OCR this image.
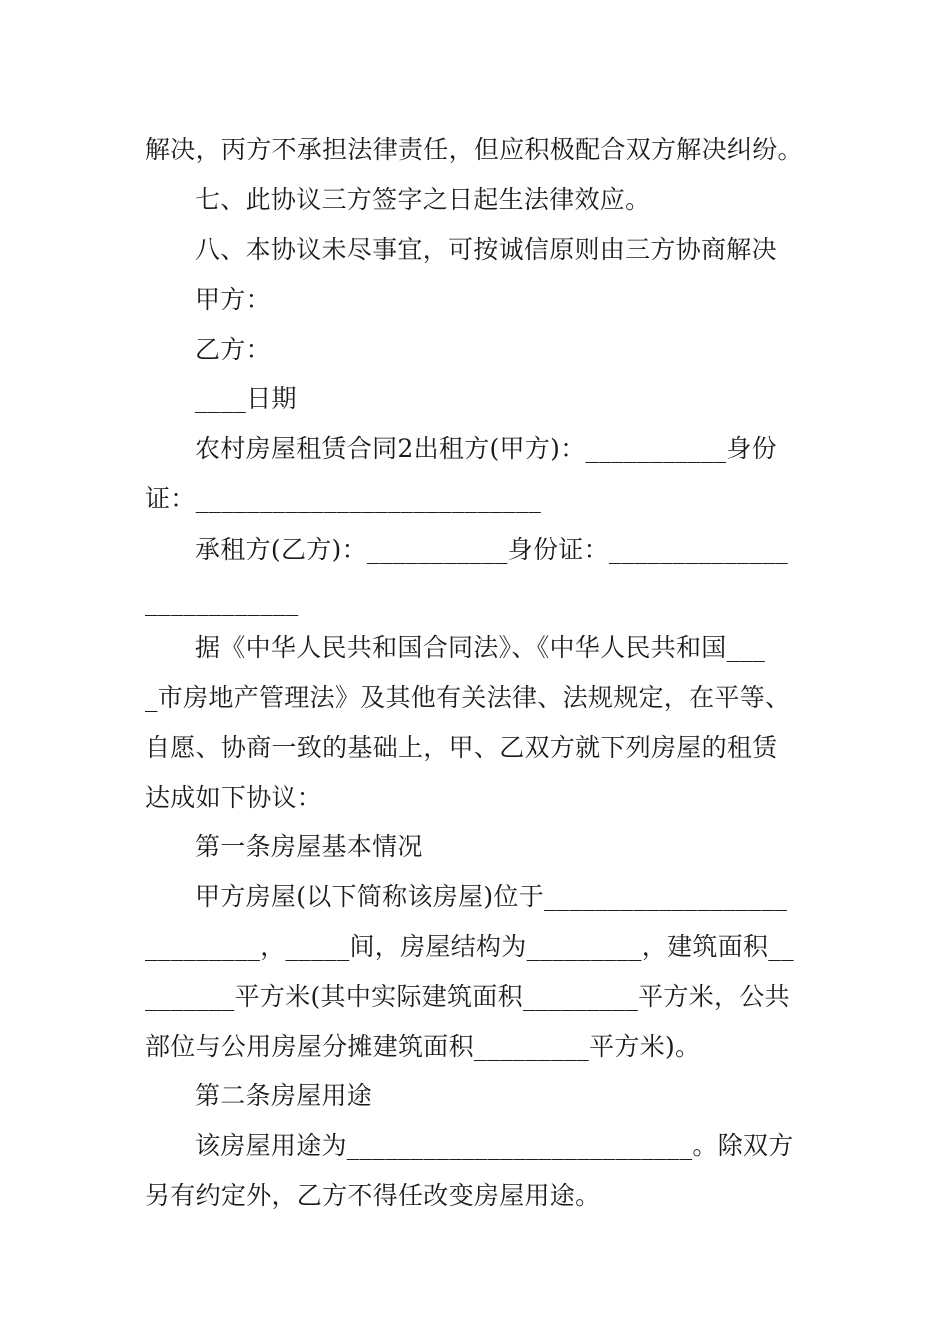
解决，丙方不承担法律责任，但应积极配合双方解决纠纷。
七、此协议三方签字之日起生法律效应。
八、本协议未尽事宜，可按诚信原则由三方协商解决
甲方：
乙方：
____日期
农村房屋租赁合同2出租方(甲方)：___________身份
证：___________________________
承租方(乙方)：___________身份证：______________
____________
据《中华人民共和国合同法》、《中华人民共和国___
_市房地产管理法》及其他有关法律、法规规定，在平等、
自愿、协商一致的基础上，甲、乙双方就下列房屋的租赁
达成如下协议：
第一条房屋基本情况
甲方房屋(以下简称该房屋)位于___________________
_________，_____间，房屋结构为_________，建筑面积__
_______平方米(其中实际建筑面积_________平方米，公共
部位与公用房屋分摊建筑面积_________平方米)。
第二条房屋用途
该房屋用途为___________________________。除双方
另有约定外，乙方不得任改变房屋用途。
